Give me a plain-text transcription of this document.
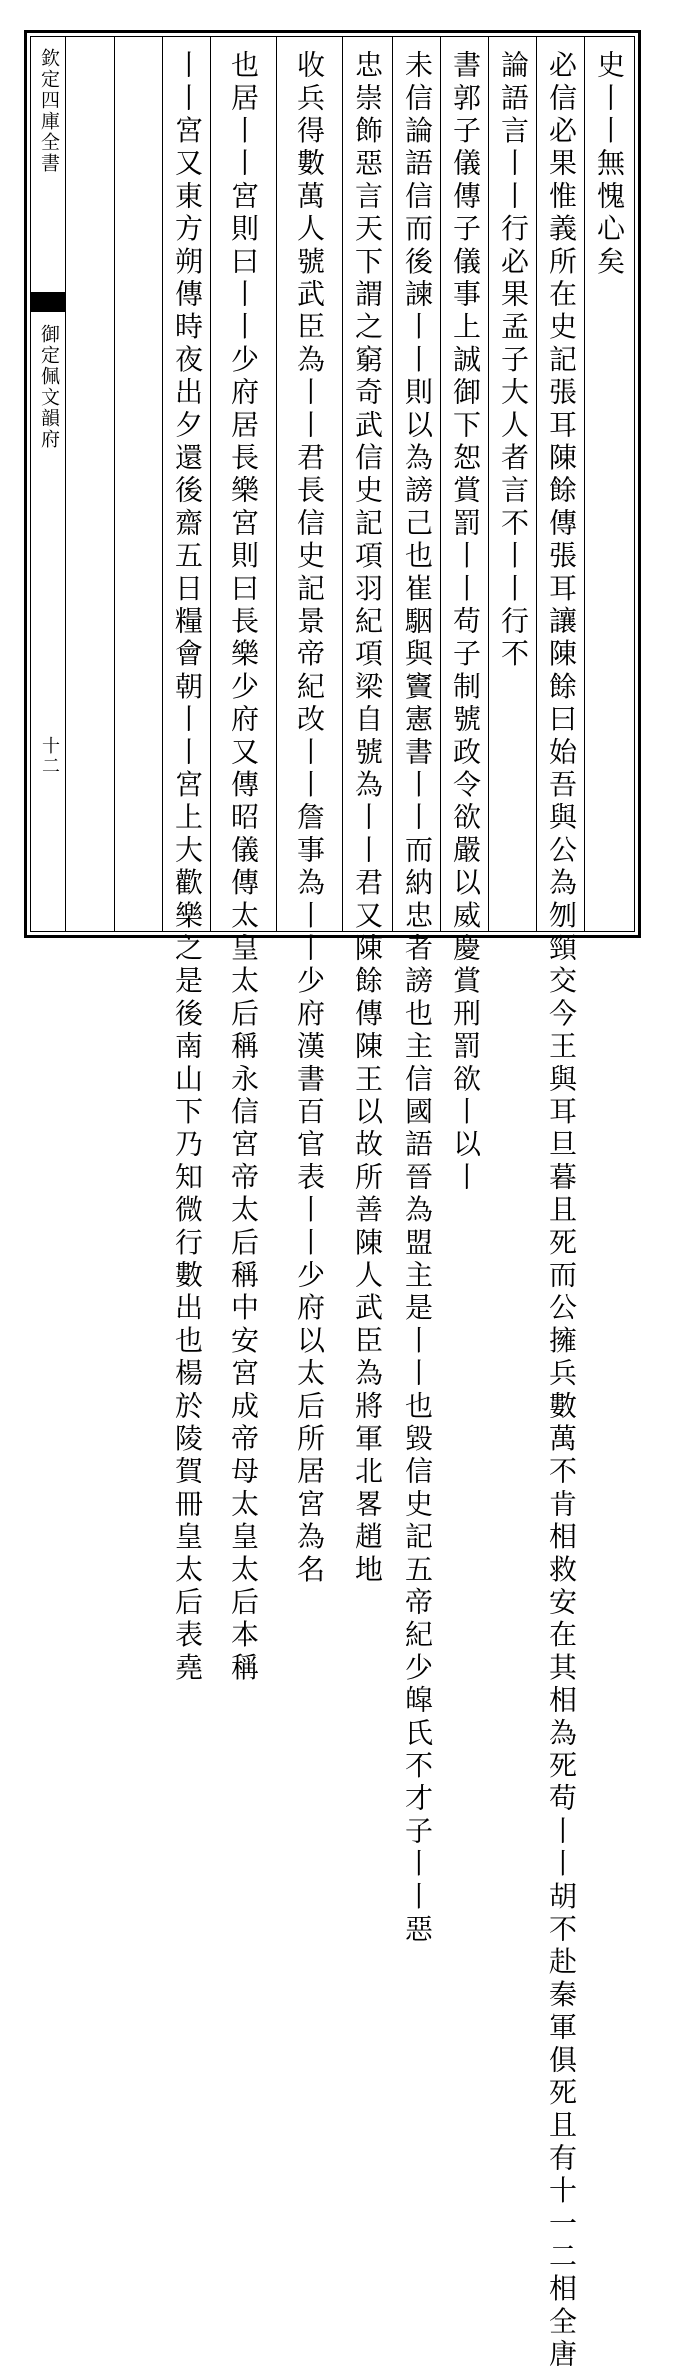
欽定四庫全書
御定佩文韻府
十二
史丨丨無愧心矣
必信必果惟義所在史記張耳陳餘傳張耳讓陳餘曰始吾與公為刎頸交今王與耳旦暮且死而公擁兵數萬不肯相救安在其相為死苟丨丨胡不赴秦軍俱死且有十一二相全唐
論語言丨丨行必果孟子大人者言不丨丨行不
書郭子儀傳子儀事上誠御下恕賞罰丨丨苟子制號政令欲嚴以威慶賞刑罰欲丨以丨
未信論語信而後諫丨丨則以為謗己也崔駰與竇憲書丨丨而納忠者謗也主信國語晉為盟主是丨丨也毀信史記五帝紀少皡氏不才子丨丨惡
忠崇飾惡言天下謂之窮奇武信史記項羽紀項梁自號為丨丨君又陳餘傳陳王以故所善陳人武臣為將軍北畧趙地
收兵得數萬人號武臣為丨丨君長信史記景帝紀改丨丨詹事為丨丨少府漢書百官表丨丨少府以太后所居宮為名
也居丨丨宮則曰丨丨少府居長樂宮則曰長樂少府又傳昭儀傳太皇太后稱永信宮帝太后稱中安宮成帝母太皇太后本稱
丨丨宮又東方朔傳時夜出夕還後齋五日糧會朝丨丨宮上大歡樂之是後南山下乃知微行數出也楊於陵賀冊皇太后表堯
